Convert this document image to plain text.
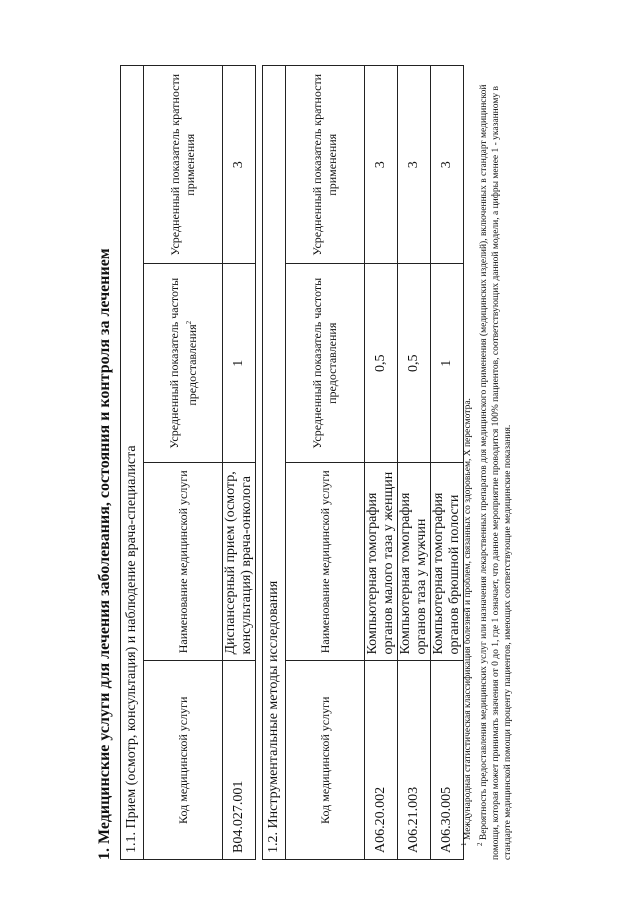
1. Медицинские услуги для лечения заболевания, состояния и контроля за лечением 1.1. Прием (осмотр, консультация) и наблюдение врача-специалиста			
Код медицинской услуги	Наименование медицинской услуги	Усредненный показатель частоты предоставления$^2$	Усредненный показатель кратности применения
B04.027.001	Диспансерный прием (осмотр, консультация) врача-онколога	1	3
1.2. Инструментальные методы исследования			
Код медицинской услуги	Наименование медицинской услуги	Усредненный показатель частоты предоставления	Усредненный показатель кратности применения
A06.20.002	Компьютерная томография органов малого таза у женщин	0,5	3
A06.21.003	Компьютерная томография органов таза у мужчин	0,5	3
A06.30.005	Компьютерная томография органов брюшной полости	1	3

$^1$ Международная статистическая классификация болезней и проблем, связанных со здоровьем, X пересмотра.

$^2$ Вероятность предоставления медицинских услуг или назначения лекарственных препаратов для медицинского применения (медицинских изделий), включенных в стандарт медицинской помощи, которая может принимать значения от 0 до 1, где 1 означает, что данное мероприятие проводится 100% пациентов, соответствующих данной модели, а цифры менее 1 - указанному в стандарте медицинской помощи проценту пациентов, имеющих соответствующие медицинские показания.
